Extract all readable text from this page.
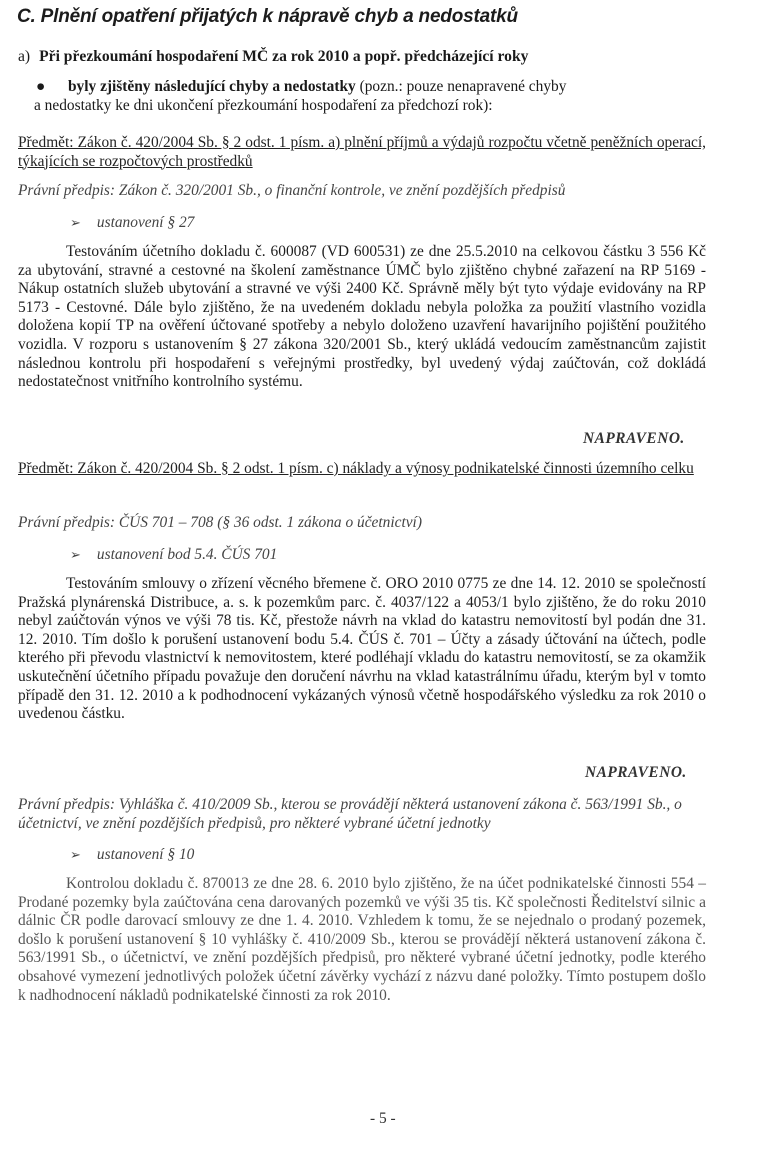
C. Plnění opatření přijatých k nápravě chyb a nedostatků
a) Při přezkoumání hospodaření MČ za rok 2010 a popř. předcházející roky
●	byly zjištěny následující chyby a nedostatky (pozn.: pouze nenapravené chyby
a nedostatky ke dni ukončení přezkoumání hospodaření za předchozí rok):
Předmět: Zákon č. 420/2004 Sb. § 2 odst. 1 písm. a) plnění příjmů a výdajů rozpočtu včetně peněžních operací, týkajících se rozpočtových prostředků
Právní předpis: Zákon č. 320/2001 Sb., o finanční kontrole, ve znění pozdějších předpisů
➢ ustanovení § 27

Testováním účetního dokladu č. 600087 (VD 600531) ze dne 25.5.2010 na celkovou částku 3 556 Kč za ubytování, stravné a cestovné na školení zaměstnance ÚMČ bylo zjištěno chybné zařazení na RP 5169 - Nákup ostatních služeb ubytování a stravné ve výši 2400 Kč. Správně měly být tyto výdaje evidovány na RP 5173 - Cestovné. Dále bylo zjištěno, že na uvedeném dokladu nebyla položka za použití vlastního vozidla doložena kopií TP na ověření účtované spotřeby a nebylo doloženo uzavření havarijního pojištění použitého vozidla. V rozporu s ustanovením § 27 zákona 320/2001 Sb., který ukládá vedoucím zaměstnancům zajistit následnou kontrolu při hospodaření s veřejnými prostředky, byl uvedený výdaj zaúčtován, což dokládá nedostatečnost vnitřního kontrolního systému.

NAPRAVENO.
Předmět: Zákon č. 420/2004 Sb. § 2 odst. 1 písm. c) náklady a výnosy podnikatelské činnosti územního celku
Právní předpis: ČÚS 701 – 708 (§ 36 odst. 1 zákona o účetnictví)
➢ ustanovení bod 5.4. ČÚS 701

Testováním smlouvy o zřízení věcného břemene č. ORO 2010 0775 ze dne 14. 12. 2010 se společností Pražská plynárenská Distribuce, a. s. k pozemkům parc. č. 4037/122 a 4053/1 bylo zjištěno, že do roku 2010 nebyl zaúčtován výnos ve výši 78 tis. Kč, přestože návrh na vklad do katastru nemovitostí byl podán dne 31. 12. 2010. Tím došlo k porušení ustanovení bodu 5.4. ČÚS č. 701 – Účty a zásady účtování na účtech, podle kterého při převodu vlastnictví k nemovitostem, které podléhají vkladu do katastru nemovitostí, se za okamžik uskutečnění účetního případu považuje den doručení návrhu na vklad katastrálnímu úřadu, kterým byl v tomto případě den 31. 12. 2010 a k podhodnocení vykázaných výnosů včetně hospodářského výsledku za rok 2010 o uvedenou částku.

NAPRAVENO.
Právní předpis: Vyhláška č. 410/2009 Sb., kterou se provádějí některá ustanovení zákona č. 563/1991 Sb., o účetnictví, ve znění pozdějších předpisů, pro některé vybrané účetní jednotky
➢ ustanovení § 10

Kontrolou dokladu č. 870013 ze dne 28. 6. 2010 bylo zjištěno, že na účet podnikatelské činnosti 554 – Prodané pozemky byla zaúčtována cena darovaných pozemků ve výši 35 tis. Kč společnosti Ředitelství silnic a dálnic ČR podle darovací smlouvy ze dne 1. 4. 2010. Vzhledem k tomu, že se nejednalo o prodaný pozemek, došlo k porušení ustanovení § 10 vyhlášky č. 410/2009 Sb., kterou se provádějí některá ustanovení zákona č. 563/1991 Sb., o účetnictví, ve znění pozdějších předpisů, pro některé vybrané účetní jednotky, podle kterého obsahové vymezení jednotlivých položek účetní závěrky vychází z názvu dané položky. Tímto postupem došlo k nadhodnocení nákladů podnikatelské činnosti za rok 2010.

- 5 -
